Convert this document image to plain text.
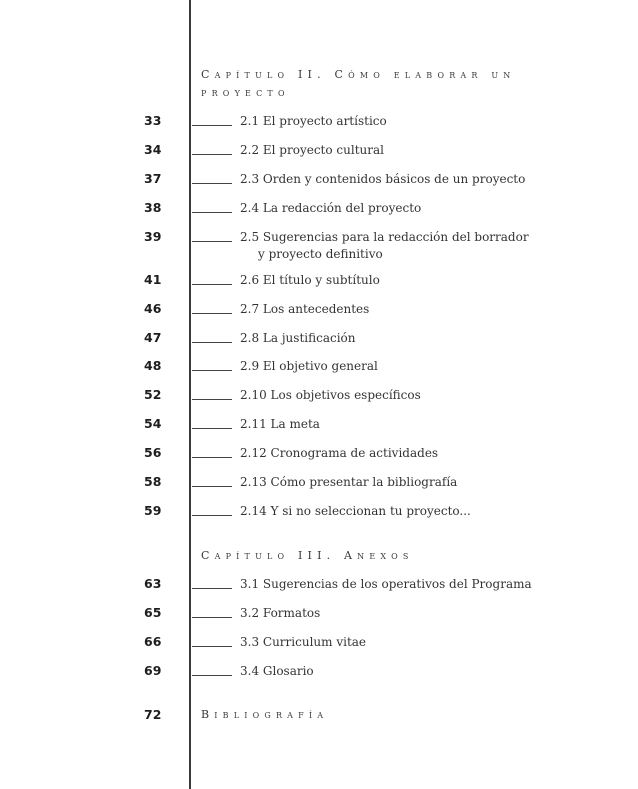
Capítulo II. Cómo elaborar un
proyecto
33	2.1 El proyecto artístico
34	2.2 El proyecto cultural
37	2.3 Orden y contenidos básicos de un proyecto
38	2.4 La redacción del proyecto
39	2.5 Sugerencias para la redacción del borrador
y proyecto definitivo
41	2.6 El título y subtítulo
46	2.7 Los antecedentes
47	2.8 La justificación
48	2.9 El objetivo general
52	2.10 Los objetivos específicos
54	2.11 La meta
56	2.12 Cronograma de actividades
58	2.13 Cómo presentar la bibliografía
59	2.14 Y si no seleccionan tu proyecto...
Capítulo III. Anexos
63	3.1 Sugerencias de los operativos del Programa
65	3.2 Formatos
66	3.3 Curriculum vitae
69	3.4 Glosario
72	Bibliografía
